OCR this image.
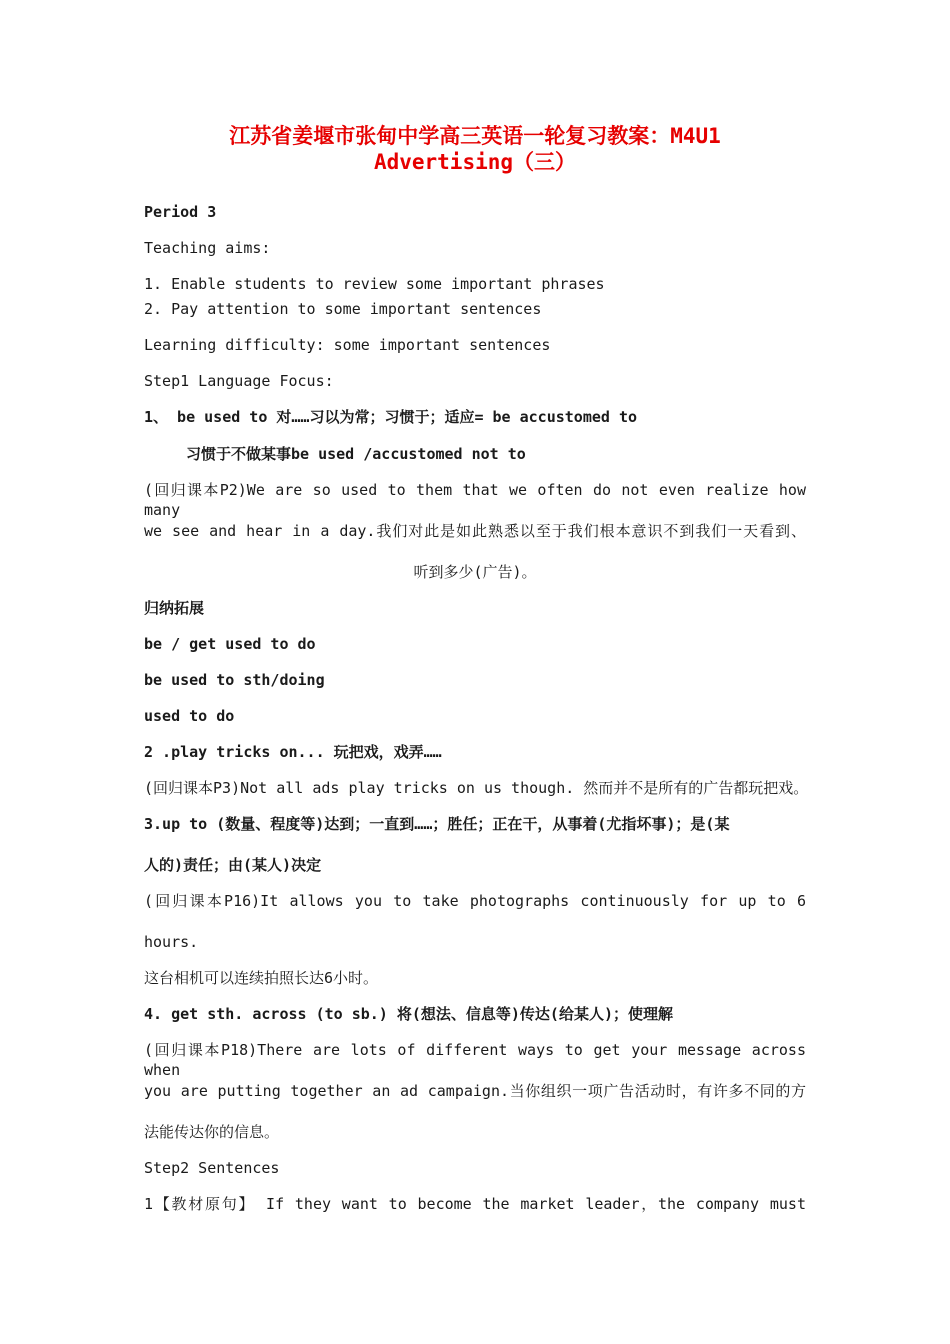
江苏省姜堰市张甸中学高三英语一轮复习教案：M4U1
Advertising（三）
Period 3
Teaching aims:
1. Enable students to review some important phrases
2. Pay attention to some important sentences
Learning difficulty: some important sentences
Step1 Language Focus:
1、 be used to 对……习以为常；习惯于；适应= be accustomed to
习惯于不做某事be used /accustomed not to
(回归课本P2)We are so used to them that we often do not even realize how many
we see and hear in a day.我们对此是如此熟悉以至于我们根本意识不到我们一天看到、
听到多少(广告)。
归纳拓展
be / get used to do
be used to sth/doing
used to do
2 .play tricks on... 玩把戏，戏弄……
(回归课本P3)Not all ads play tricks on us though. 然而并不是所有的广告都玩把戏。
3.up to (数量、程度等)达到；一直到……；胜任；正在干，从事着(尤指坏事)；是(某
人的)责任；由(某人)决定
(回归课本P16)It allows you to take photographs continuously for up to 6
hours.
这台相机可以连续拍照长达6小时。
4. get sth. across (to sb.) 将(想法、信息等)传达(给某人)；使理解
(回归课本P18)There are lots of different ways to get your message across when
you are putting together an ad campaign.当你组织一项广告活动时，有许多不同的方
法能传达你的信息。
Step2 Sentences
1【教材原句】 If they want to become the market leader，the company must
